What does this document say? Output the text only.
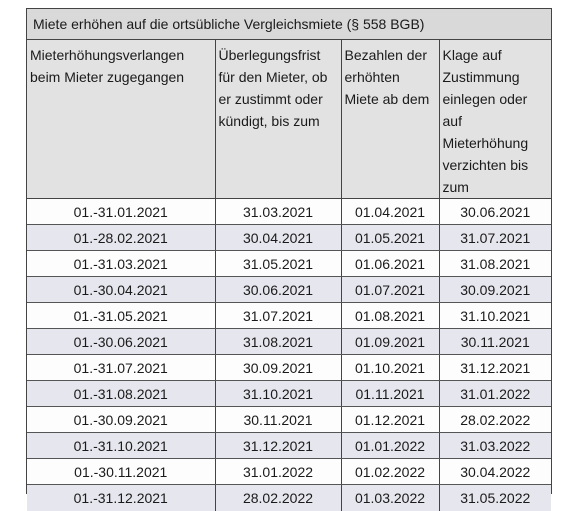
Miete erhöhen auf die ortsübliche Vergleichsmiete (§ 558 BGB)
Mieterhöhungsverlangen beim Mieter zugegangen	Überlegungsfrist für den Mieter, ob er zustimmt oder kündigt, bis zum	Bezahlen der erhöhten Miete ab dem	Klage auf Zustimmung einlegen oder auf Mieterhöhung verzichten bis zum
01.-31.01.2021	31.03.2021	01.04.2021	30.06.2021
01.-28.02.2021	30.04.2021	01.05.2021	31.07.2021
01.-31.03.2021	31.05.2021	01.06.2021	31.08.2021
01.-30.04.2021	30.06.2021	01.07.2021	30.09.2021
01.-31.05.2021	31.07.2021	01.08.2021	31.10.2021
01.-30.06.2021	31.08.2021	01.09.2021	30.11.2021
01.-31.07.2021	30.09.2021	01.10.2021	31.12.2021
01.-31.08.2021	31.10.2021	01.11.2021	31.01.2022
01.-30.09.2021	30.11.2021	01.12.2021	28.02.2022
01.-31.10.2021	31.12.2021	01.01.2022	31.03.2022
01.-30.11.2021	31.01.2022	01.02.2022	30.04.2022
01.-31.12.2021	28.02.2022	01.03.2022	31.05.2022
